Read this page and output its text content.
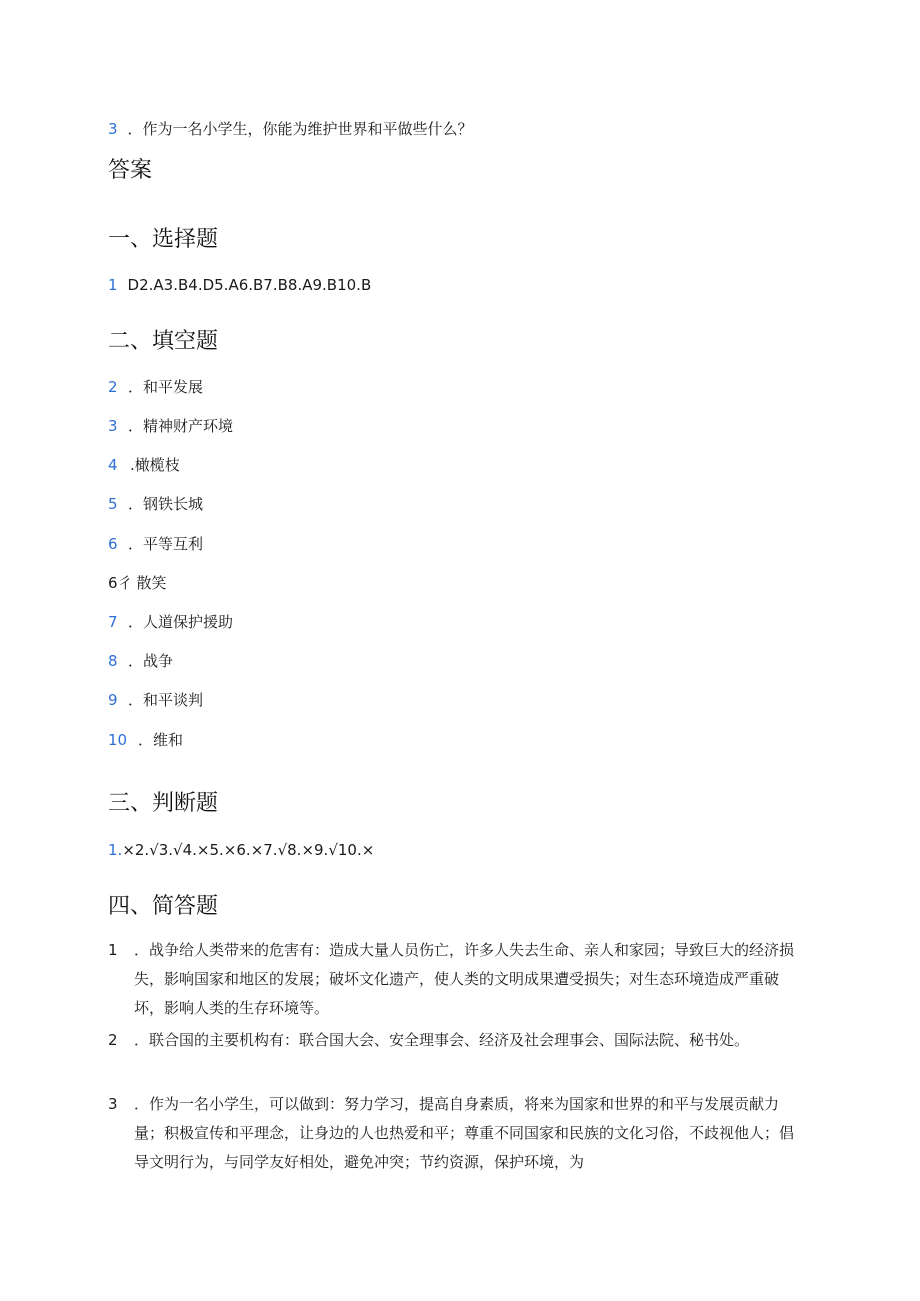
3 ．作为一名小学生，你能为维护世界和平做些什么？
答案
一、选择题
1 D2.A3.B4.D5.A6.B7.B8.A9.B10.B
二、填空题
2 ．和平发展
3 ．精神财产环境
4 .橄榄枝
5 ．钢铁长城
6 ．平等互利
6彳 散笑
7 ．人道保护援助
8 ．战争
9 ．和平谈判
10 ．维和
三、判断题
1.×2.√3.√4.×5.×6.×7.√8.×9.√10.×
四、简答题
1 ．战争给人类带来的危害有：造成大量人员伤亡，许多人失去生命、亲人和家园；导致巨大的经济损失，影响国家和地区的发展；破坏文化遗产，使人类的文明成果遭受损失；对生态环境造成严重破坏，影响人类的生存环境等。
2	．联合国的主要机构有：联合国大会、安全理事会、经济及社会理事会、国际法院、秘书处。
3 ．作为一名小学生，可以做到：努力学习，提高自身素质，将来为国家和世界的和平与发展贡献力量；积极宣传和平理念，让身边的人也热爱和平；尊重不同国家和民族的文化习俗，不歧视他人；倡导文明行为，与同学友好相处，避免冲突；节约资源，保护环境，为
